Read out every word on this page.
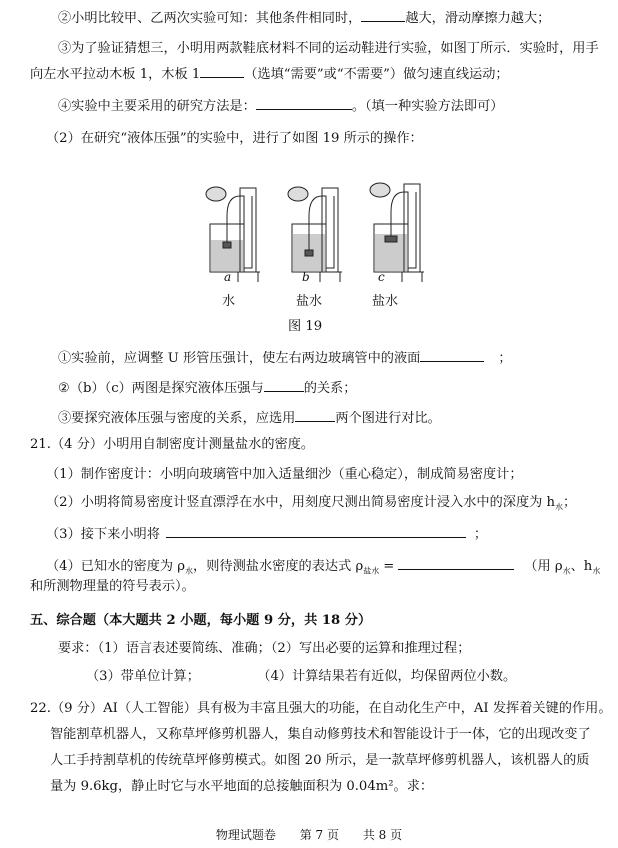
②小明比较甲、乙两次实验可知：其他条件相同时，	越大，滑动摩擦力越大；
③为了验证猜想三，小明用两款鞋底材料不同的运动鞋进行实验，如图丁所示．实验时，用手
向左水平拉动木板 1，木板 1	（选填“需要”或“不需要”）做匀速直线运动；
④实验中主要采用的研究方法是：	。（填一种实验方法即可）
（2）在研究“液体压强”的实验中，进行了如图 19 所示的操作：
a	b	c
水	盐水	盐水
图 19
①实验前，应调整 U 形管压强计，使左右两边玻璃管中的液面	；
②（b）（c）两图是探究液体压强与	的关系；
③要探究液体压强与密度的关系，应选用	两个图进行对比。
21.（4 分）小明用自制密度计测量盐水的密度。
（1）制作密度计：小明向玻璃管中加入适量细沙（重心稳定），制成简易密度计；
（2）小明将简易密度计竖直漂浮在水中，用刻度尺测出简易密度计浸入水中的深度为 $h_水$；
（3）接下来小明将	；
（4）已知水的密度为 $\rho_水$，则待测盐水密度的表达式 $\rho_{盐水}$ =	（用 $\rho_水$、$h_水$
和所测物理量的符号表示）。
五、综合题（本大题共 2 小题，每小题 9 分，共 18 分）
要求：（1）语言表述要简练、准确；（2）写出必要的运算和推理过程；
（3）带单位计算；	（4）计算结果若有近似，均保留两位小数。
22.（9 分）AI（人工智能）具有极为丰富且强大的功能，在自动化生产中，AI 发挥着关键的作用。
智能割草机器人，又称草坪修剪机器人，集自动修剪技术和智能设计于一体，它的出现改变了
人工手持割草机的传统草坪修剪模式。如图 20 所示，是一款草坪修剪机器人，该机器人的质
量为 9.6kg，静止时它与水平地面的总接触面积为 0.04m²。求：
物理试题卷 第 7 页 共 8 页
